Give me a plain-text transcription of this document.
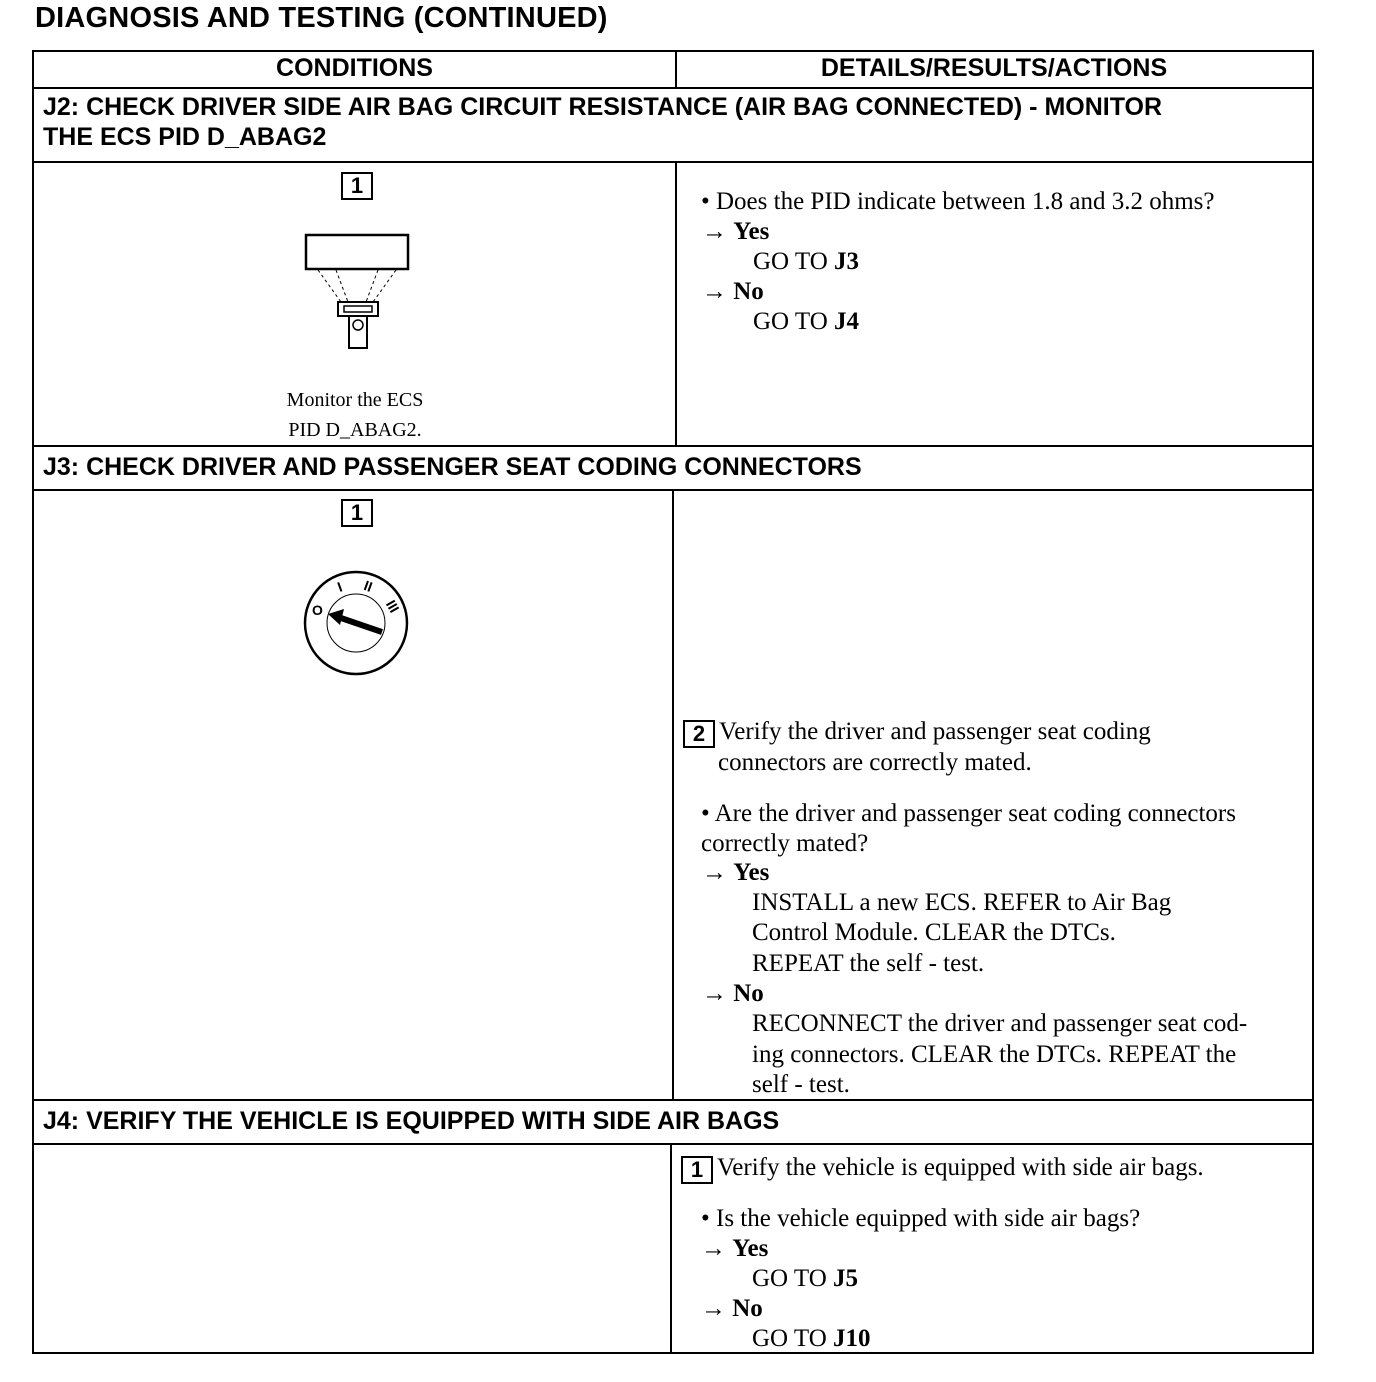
DIAGNOSIS AND TESTING (CONTINUED)
CONDITIONS	DETAILS/RESULTS/ACTIONS
J2: CHECK DRIVER SIDE AIR BAG CIRCUIT RESISTANCE (AIR BAG CONNECTED) - MONITOR
THE ECS PID D_ABAG2
1
Monitor the ECS
PID D_ABAG2.
• Does the PID indicate between 1.8 and 3.2 ohms?
→ Yes
GO TO J3
→ No
GO TO J4
J3: CHECK DRIVER AND PASSENGER SEAT CODING CONNECTORS
1
O
I II
III
2 Verify the driver and passenger seat coding
connectors are correctly mated.
• Are the driver and passenger seat coding connectors
correctly mated?
→ Yes
INSTALL a new ECS. REFER to Air Bag
Control Module. CLEAR the DTCs.
REPEAT the self - test.
→ No
RECONNECT the driver and passenger seat cod-
ing connectors. CLEAR the DTCs. REPEAT the
self - test.
J4: VERIFY THE VEHICLE IS EQUIPPED WITH SIDE AIR BAGS
1 Verify the vehicle is equipped with side air bags.
• Is the vehicle equipped with side air bags?
→ Yes
GO TO J5
→ No
GO TO J10
